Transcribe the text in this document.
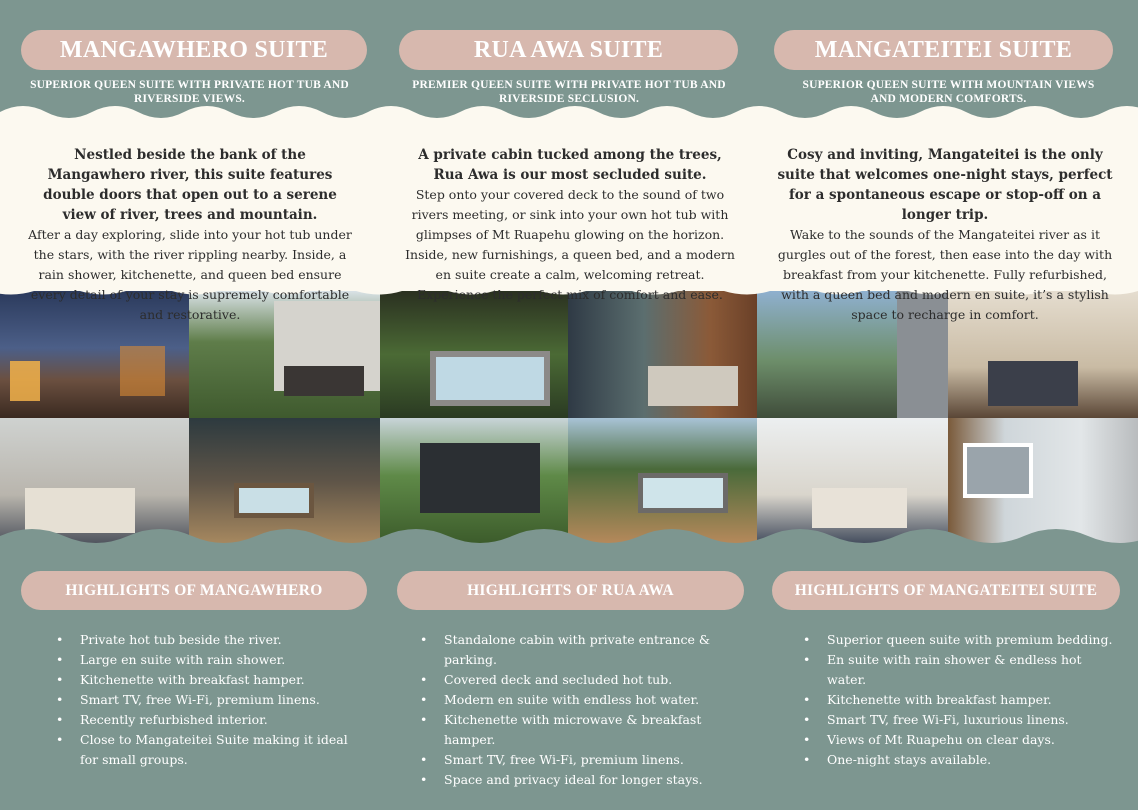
MANGAWHERO SUITE
SUPERIOR QUEEN SUITE WITH PRIVATE HOT TUB AND RIVERSIDE VIEWS.
Nestled beside the bank of the Mangawhero river, this suite features double doors that open out to a serene view of river, trees and mountain.
After a day exploring, slide into your hot tub under the stars, with the river rippling nearby. Inside, a rain shower, kitchenette, and queen bed ensure every detail of your stay is supremely comfortable and restorative.
HIGHLIGHTS OF MANGAWHERO
• Private hot tub beside the river.
• Large en suite with rain shower.
• Kitchenette with breakfast hamper.
• Smart TV, free Wi-Fi, premium linens.
• Recently refurbished interior.
• Close to Mangateitei Suite making it ideal for small groups.
RUA AWA SUITE
PREMIER QUEEN SUITE WITH PRIVATE HOT TUB AND RIVERSIDE SECLUSION.
A private cabin tucked among the trees, Rua Awa is our most secluded suite.
Step onto your covered deck to the sound of two rivers meeting, or sink into your own hot tub with glimpses of Mt Ruapehu glowing on the horizon. Inside, new furnishings, a queen bed, and a modern en suite create a calm, welcoming retreat. Experience the perfect mix of comfort and ease.
HIGHLIGHTS OF RUA AWA
• Standalone cabin with private entrance & parking.
• Covered deck and secluded hot tub.
• Modern en suite with endless hot water.
• Kitchenette with microwave & breakfast hamper.
• Smart TV, free Wi-Fi, premium linens.
• Space and privacy ideal for longer stays.
MANGATEITEI SUITE
SUPERIOR QUEEN SUITE WITH MOUNTAIN VIEWS AND MODERN COMFORTS.
Cosy and inviting, Mangateitei is the only suite that welcomes one-night stays, perfect for a spontaneous escape or stop-off on a longer trip.
Wake to the sounds of the Mangateitei river as it gurgles out of the forest, then ease into the day with breakfast from your kitchenette. Fully refurbished, with a queen bed and modern en suite, it’s a stylish space to recharge in comfort.
HIGHLIGHTS OF MANGATEITEI SUITE
• Superior queen suite with premium bedding.
• En suite with rain shower & endless hot water.
• Kitchenette with breakfast hamper.
• Smart TV, free Wi-Fi, luxurious linens.
• Views of Mt Ruapehu on clear days.
• One-night stays available.
